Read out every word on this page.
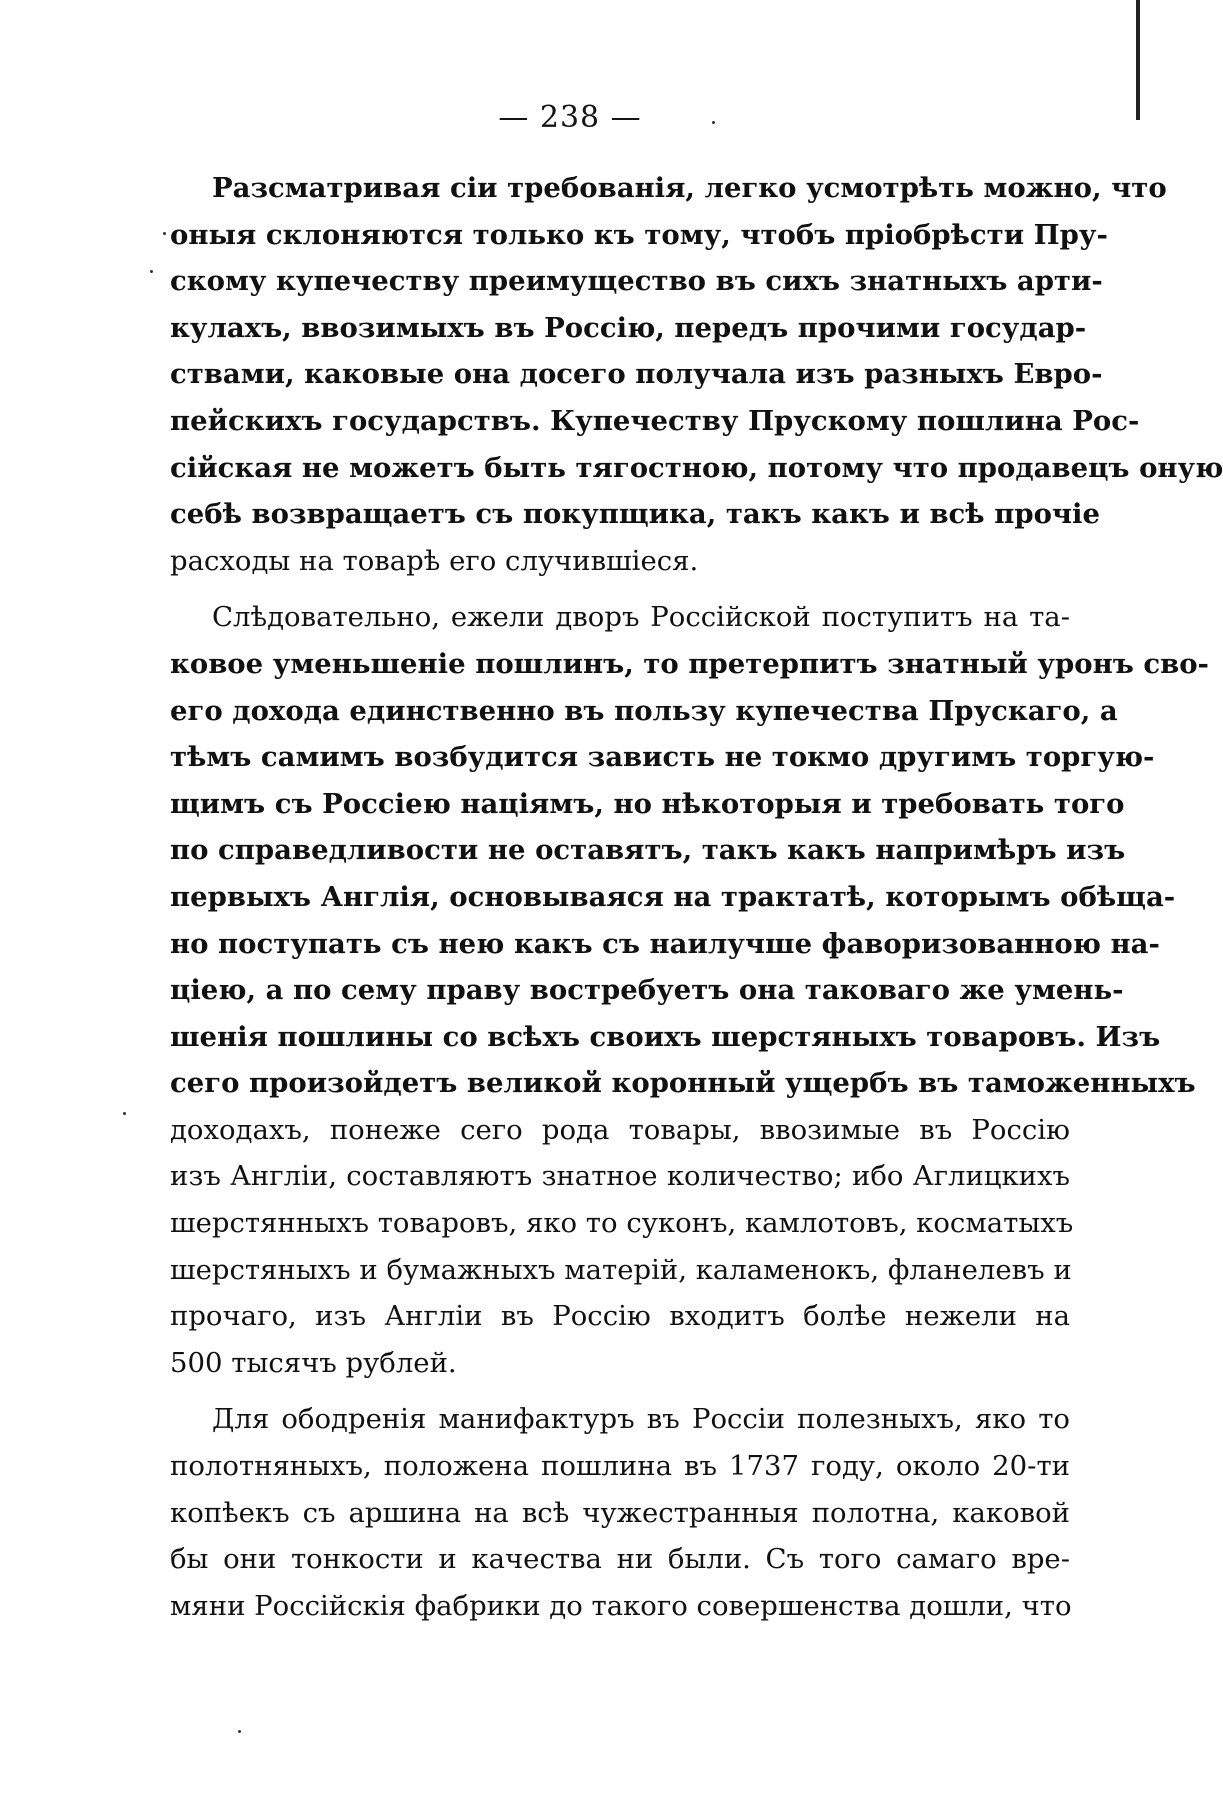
— 238 —
Разсматривая сіи требованія, легко усмотрѣть можно, что
оныя склоняются только къ тому, чтобъ пріобрѣсти Пру-
скому купечеству преимущество въ сихъ знатныхъ арти-
кулахъ, ввозимыхъ въ Россію, передъ прочими государ-
ствами, каковые она досего получала изъ разныхъ Евро-
пейскихъ государствъ. Купечеству Прускому пошлина Рос-
сійская не можетъ быть тягостною, потому что продавецъ оную
себѣ возвращаетъ съ покупщика, такъ какъ и всѣ прочіе
расходы на товарѣ его случившіеся.
Слѣдовательно, ежели дворъ Россійской поступитъ на та-
ковое уменьшеніе пошлинъ, то претерпитъ знатный уронъ сво-
его дохода единственно въ пользу купечества Прускаго, а
тѣмъ самимъ возбудится зависть не токмо другимъ торгую-
щимъ съ Россіею націямъ, но нѣкоторыя и требовать того
по справедливости не оставятъ, такъ какъ напримѣръ изъ
первыхъ Англія, основываяся на трактатѣ, которымъ обѣща-
но поступать съ нею какъ съ наилучше фаворизованною на-
ціею, а по сему праву востребуетъ она таковаго же умень-
шенія пошлины со всѣхъ своихъ шерстяныхъ товаровъ. Изъ
сего произойдетъ великой коронный ущербъ въ таможенныхъ
доходахъ, понеже сего рода товары, ввозимые въ Россію
изъ Англіи, составляютъ знатное количество; ибо Аглицкихъ
шерстянныхъ товаровъ, яко то суконъ, камлотовъ, косматыхъ
шерстяныхъ и бумажныхъ матерій, каламенокъ, фланелевъ и
прочаго, изъ Англіи въ Россію входитъ болѣе нежели на
500 тысячъ рублей.
Для ободренія манифактуръ въ Россіи полезныхъ, яко то
полотняныхъ, положена пошлина въ 1737 году, около 20-ти
копѣекъ съ аршина на всѣ чужестранныя полотна, каковой
бы они тонкости и качества ни были. Съ того самаго вре-
мяни Россійскія фабрики до такого совершенства дошли, что
